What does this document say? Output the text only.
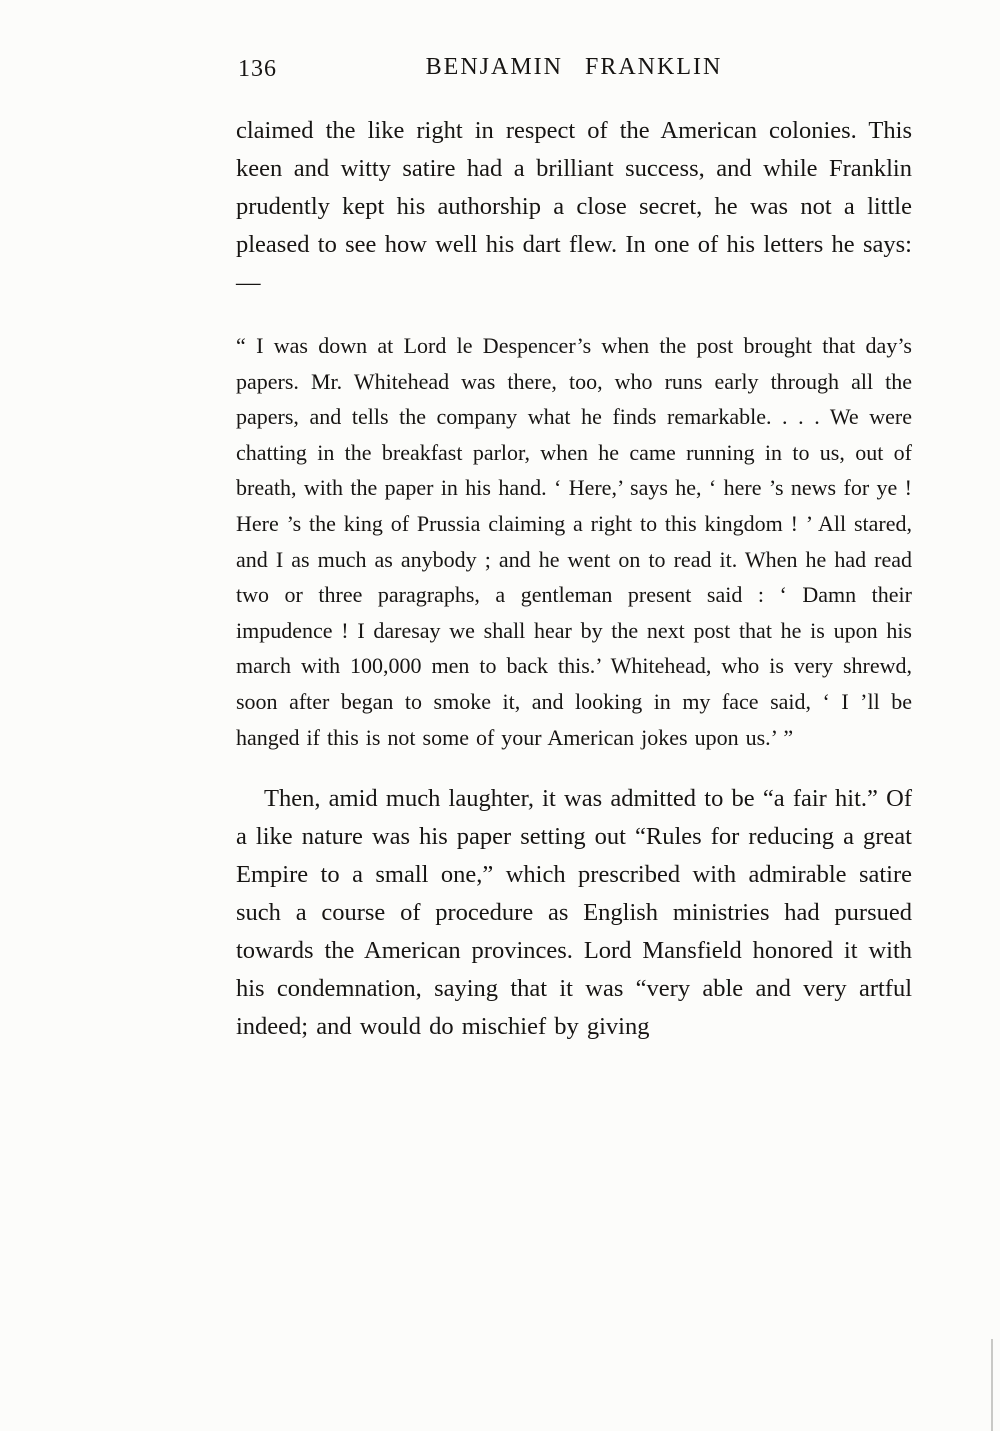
136	BENJAMIN FRANKLIN

claimed the like right in respect of the American colonies. This keen and witty satire had a brilliant success, and while Franklin prudently kept his authorship a close secret, he was not a little pleased to see how well his dart flew. In one of his letters he says: —

“ I was down at Lord le Despencer’s when the post brought that day’s papers. Mr. Whitehead was there, too, who runs early through all the papers, and tells the company what he finds remarkable. . . . We were chatting in the breakfast parlor, when he came running in to us, out of breath, with the paper in his hand. ‘ Here,’ says he, ‘ here ’s news for ye ! Here ’s the king of Prussia claiming a right to this kingdom ! ’ All stared, and I as much as anybody ; and he went on to read it. When he had read two or three paragraphs, a gentleman present said : ‘ Damn their impudence ! I daresay we shall hear by the next post that he is upon his march with 100,000 men to back this.’ Whitehead, who is very shrewd, soon after began to smoke it, and looking in my face said, ‘ I ’ll be hanged if this is not some of your American jokes upon us.’ ”

Then, amid much laughter, it was admitted to be “a fair hit.” Of a like nature was his paper setting out “Rules for reducing a great Empire to a small one,” which prescribed with admirable satire such a course of procedure as English ministries had pursued towards the American provinces. Lord Mansfield honored it with his condemnation, saying that it was “very able and very artful indeed; and would do mischief by giving
